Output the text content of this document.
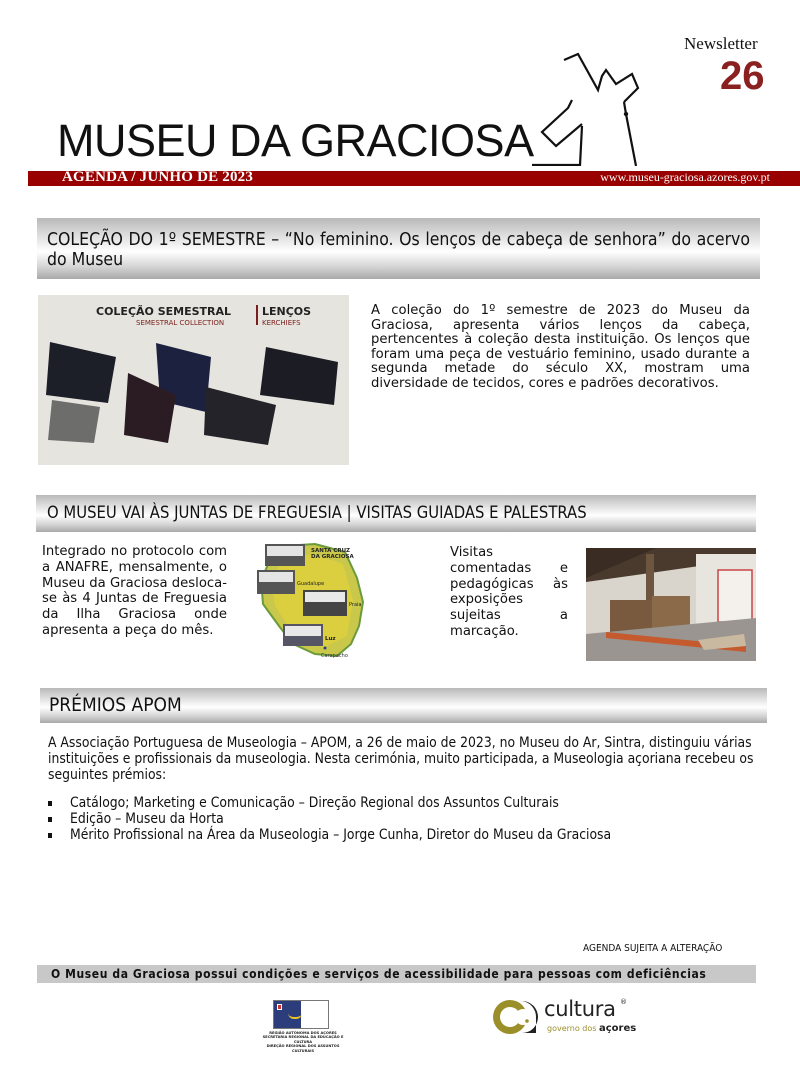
Newsletter
26
MUSEU DA GRACIOSA
AGENDA / JUNHO DE 2023	www.museu-graciosa.azores.gov.pt
COLEÇÃO DO 1º SEMESTRE – “No feminino. Os lenços de cabeça de senhora” do acervo do Museu
COLEÇÃO SEMESTRAL	LENÇOS
SEMESTRAL COLLECTION	KERCHIEFS
A coleção do 1º semestre de 2023 do Museu da Graciosa, apresenta vários lenços da cabeça, pertencentes à coleção desta instituição. Os lenços que foram uma peça de vestuário feminino, usado durante a segunda metade do século XX, mostram uma diversidade de tecidos, cores e padrões decorativos.
O MUSEU VAI ÀS JUNTAS DE FREGUESIA | VISITAS GUIADAS E PALESTRAS
Integrado no protocolo com a ANAFRE, mensalmente, o Museu da Graciosa desloca-se às 4 Juntas de Freguesia da Ilha Graciosa onde apresenta a peça do mês.
SANTA CRUZ
DA GRACIOSA
Guadalupe
Praia
Luz
Carapacho
Visitas comentadas e pedagógicas às exposições sujeitas a marcação.
PRÉMIOS APOM
A Associação Portuguesa de Museologia – APOM, a 26 de maio de 2023, no Museu do Ar, Sintra, distinguiu várias instituições e profissionais da museologia. Nesta cerimónia, muito participada, a Museologia açoriana recebeu os seguintes prémios:
Catálogo; Marketing e Comunicação – Direção Regional dos Assuntos Culturais
Edição – Museu da Horta
Mérito Profissional na Área da Museologia – Jorge Cunha, Diretor do Museu da Graciosa
AGENDA SUJEITA A ALTERAÇÃO
O Museu da Graciosa possui condições e serviços de acessibilidade para pessoas com deficiências
REGIÃO AUTÓNOMA DOS AÇORES
SECRETARIA REGIONAL DA EDUCAÇÃO E CULTURA
DIREÇÃO REGIONAL DOS ASSUNTOS CULTURAIS
cultura ®
governo dos açores
